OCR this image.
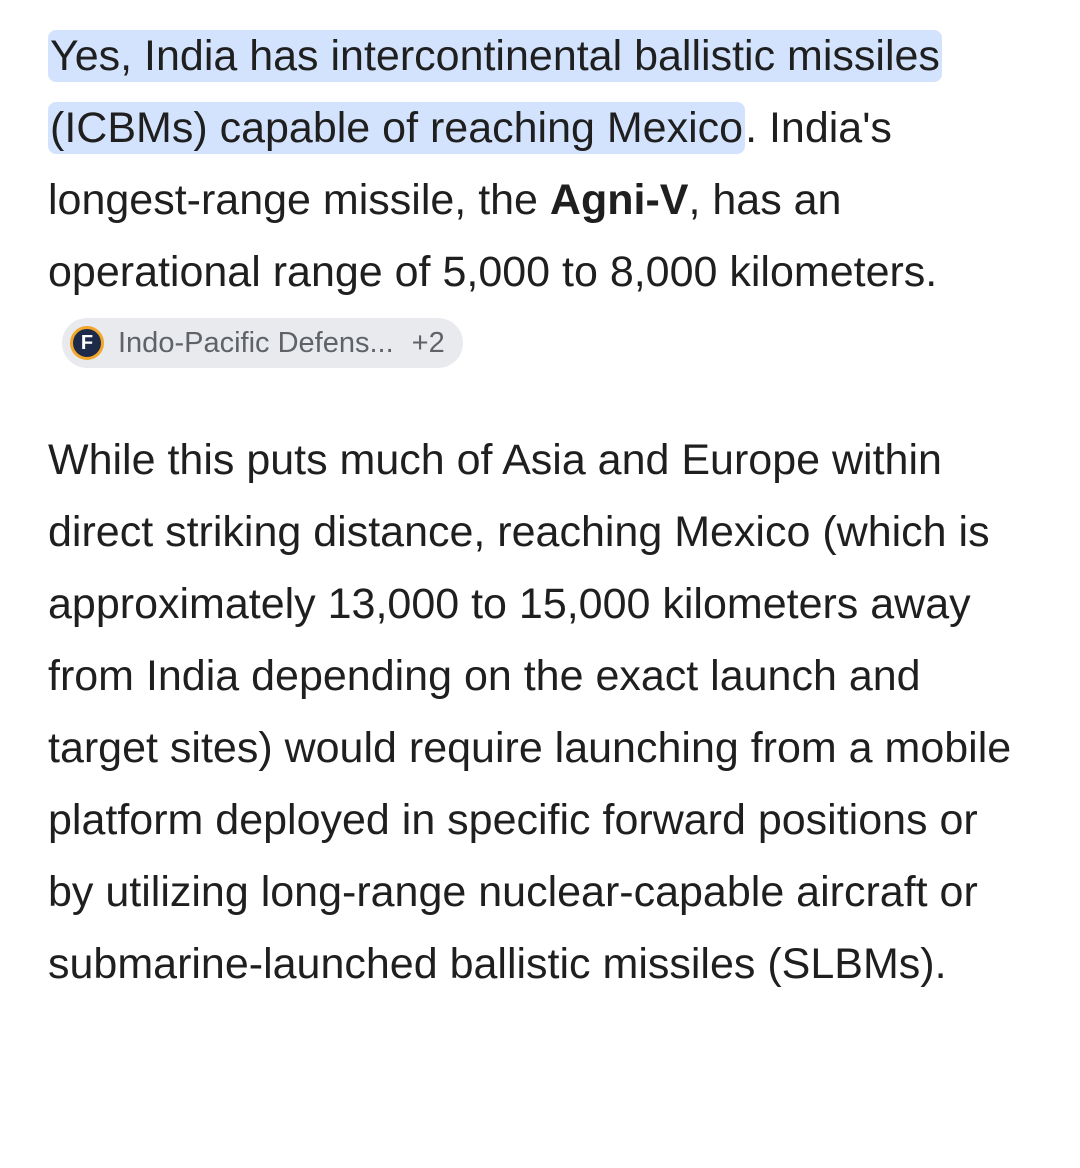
Yes, India has intercontinental ballistic missiles (ICBMs) capable of reaching Mexico. India's longest-range missile, the Agni-V, has an operational range of 5,000 to 8,000 kilometers.
F Indo-Pacific Defens... +2

While this puts much of Asia and Europe within direct striking distance, reaching Mexico (which is approximately 13,000 to 15,000 kilometers away from India depending on the exact launch and target sites) would require launching from a mobile platform deployed in specific forward positions or by utilizing long-range nuclear-capable aircraft or submarine-launched ballistic missiles (SLBMs).
